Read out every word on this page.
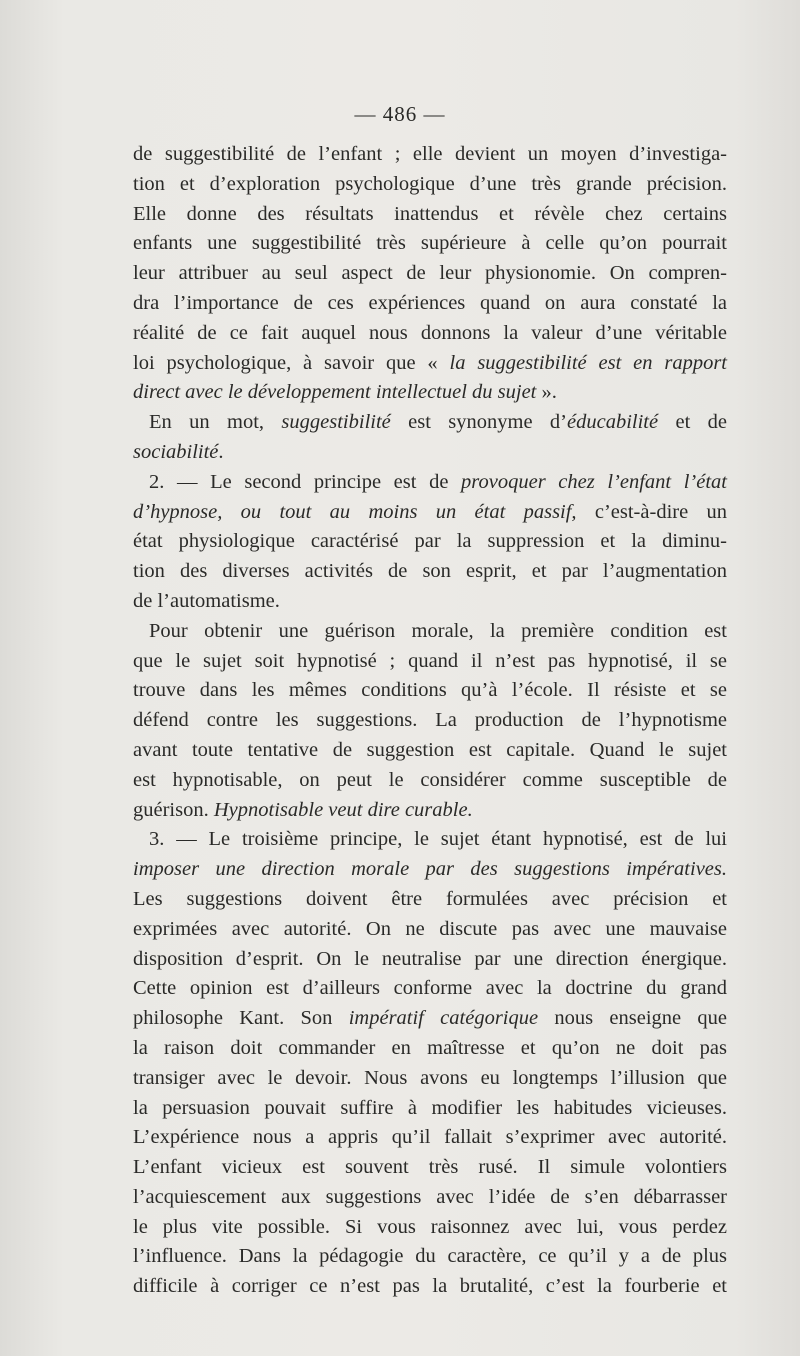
— 486 —
de suggestibilité de l’enfant ; elle devient un moyen d’investiga-
tion et d’exploration psychologique d’une très grande précision.
Elle donne des résultats inattendus et révèle chez certains
enfants une suggestibilité très supérieure à celle qu’on pourrait
leur attribuer au seul aspect de leur physionomie. On compren-
dra l’importance de ces expériences quand on aura constaté la
réalité de ce fait auquel nous donnons la valeur d’une véritable
loi psychologique, à savoir que « la suggestibilité est en rapport
direct avec le développement intellectuel du sujet ».
En un mot, suggestibilité est synonyme d’éducabilité et de
sociabilité.
2. — Le second principe est de provoquer chez l’enfant l’état
d’hypnose, ou tout au moins un état passif, c’est-à-dire un
état physiologique caractérisé par la suppression et la diminu-
tion des diverses activités de son esprit, et par l’augmentation
de l’automatisme.
Pour obtenir une guérison morale, la première condition est
que le sujet soit hypnotisé ; quand il n’est pas hypnotisé, il se
trouve dans les mêmes conditions qu’à l’école. Il résiste et se
défend contre les suggestions. La production de l’hypnotisme
avant toute tentative de suggestion est capitale. Quand le sujet
est hypnotisable, on peut le considérer comme susceptible de
guérison. Hypnotisable veut dire curable.
3. — Le troisième principe, le sujet étant hypnotisé, est de lui
imposer une direction morale par des suggestions impératives.
Les suggestions doivent être formulées avec précision et
exprimées avec autorité. On ne discute pas avec une mauvaise
disposition d’esprit. On le neutralise par une direction énergique.
Cette opinion est d’ailleurs conforme avec la doctrine du grand
philosophe Kant. Son impératif catégorique nous enseigne que
la raison doit commander en maîtresse et qu’on ne doit pas
transiger avec le devoir. Nous avons eu longtemps l’illusion que
la persuasion pouvait suffire à modifier les habitudes vicieuses.
L’expérience nous a appris qu’il fallait s’exprimer avec autorité.
L’enfant vicieux est souvent très rusé. Il simule volontiers
l’acquiescement aux suggestions avec l’idée de s’en débarrasser
le plus vite possible. Si vous raisonnez avec lui, vous perdez
l’influence. Dans la pédagogie du caractère, ce qu’il y a de plus
difficile à corriger ce n’est pas la brutalité, c’est la fourberie et
